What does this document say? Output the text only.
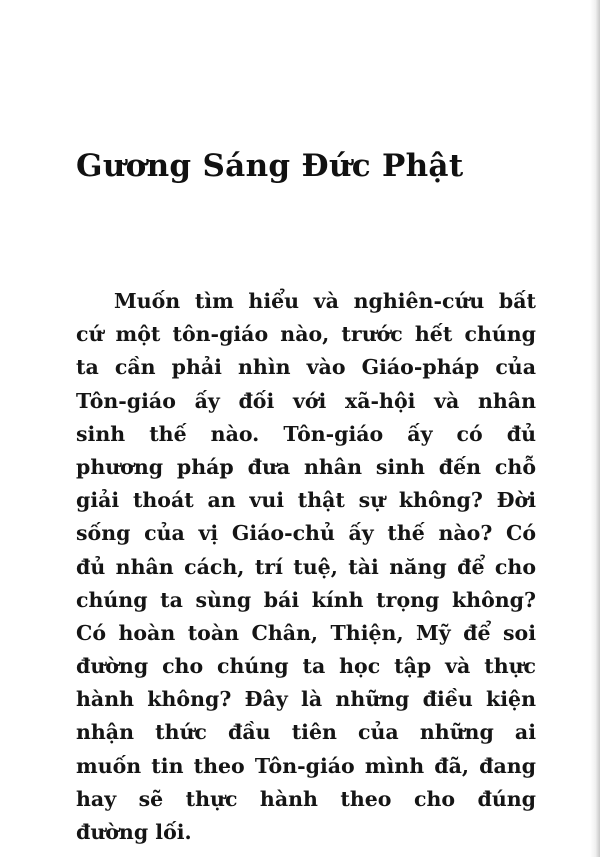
Gương Sáng Đức Phật
Muốn tìm hiểu và nghiên-cứu bất
cứ một tôn-giáo nào, trước hết chúng
ta cần phải nhìn vào Giáo-pháp của
Tôn-giáo ấy đối với xã-hội và nhân
sinh thế nào. Tôn-giáo ấy có đủ
phương pháp đưa nhân sinh đến chỗ
giải thoát an vui thật sự không? Đời
sống của vị Giáo-chủ ấy thế nào? Có
đủ nhân cách, trí tuệ, tài năng để cho
chúng ta sùng bái kính trọng không?
Có hoàn toàn Chân, Thiện, Mỹ để soi
đường cho chúng ta học tập và thực
hành không? Đây là những điều kiện
nhận thức đầu tiên của những ai
muốn tin theo Tôn-giáo mình đã, đang
hay sẽ thực hành theo cho đúng
đường lối.
